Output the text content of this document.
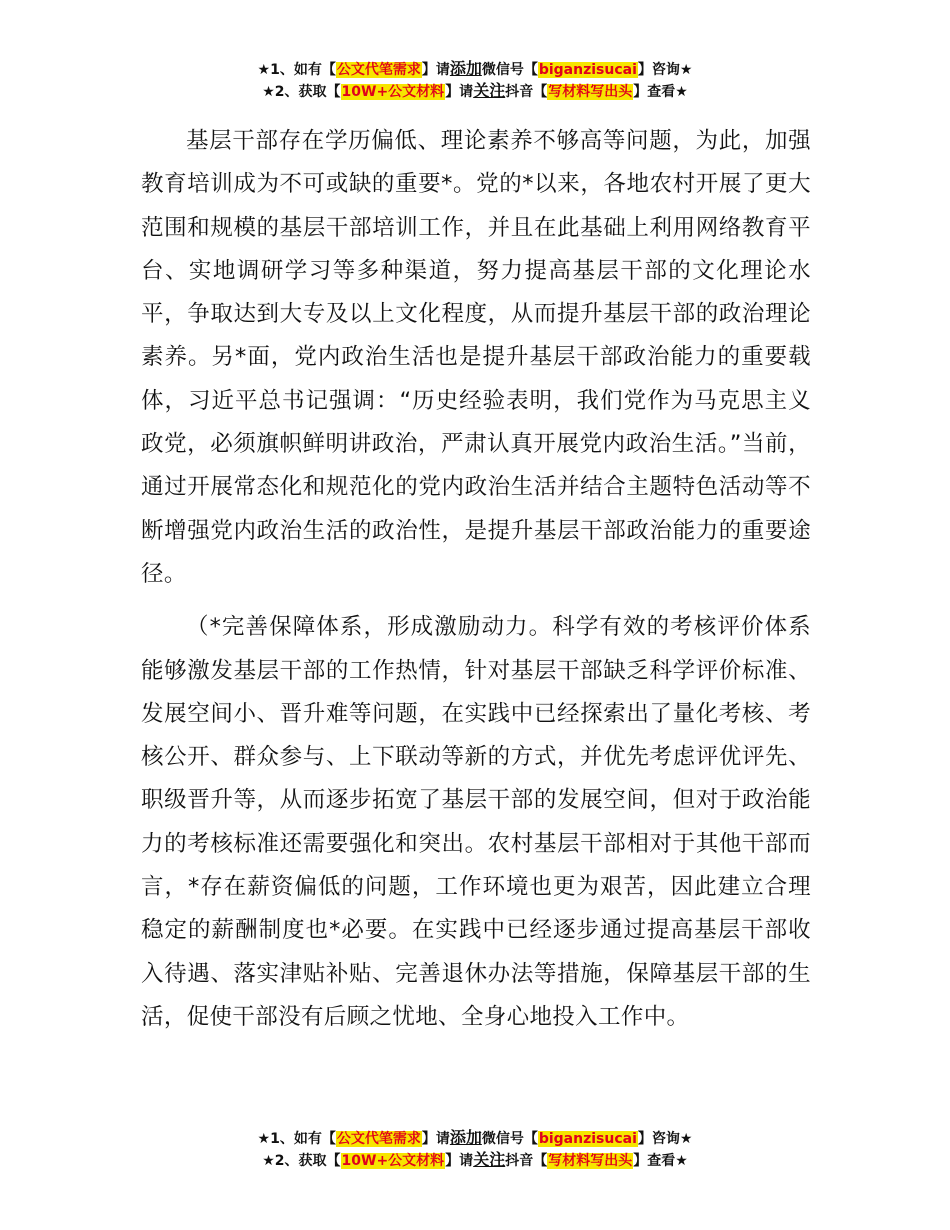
★1、如有【公文代笔需求】请添加微信号【biganzisucai】咨询★
★2、获取【10W+公文材料】请关注抖音【写材料写出头】查看★

基层干部存在学历偏低、理论素养不够高等问题，为此，加强教育培训成为不可或缺的重要*。党的*以来，各地农村开展了更大范围和规模的基层干部培训工作，并且在此基础上利用网络教育平台、实地调研学习等多种渠道，努力提高基层干部的文化理论水平，争取达到大专及以上文化程度，从而提升基层干部的政治理论素养。另*面，党内政治生活也是提升基层干部政治能力的重要载体，习近平总书记强调：“历史经验表明，我们党作为马克思主义政党，必须旗帜鲜明讲政治，严肃认真开展党内政治生活。”当前，通过开展常态化和规范化的党内政治生活并结合主题特色活动等不断增强党内政治生活的政治性，是提升基层干部政治能力的重要途径。

（*完善保障体系，形成激励动力。科学有效的考核评价体系能够激发基层干部的工作热情，针对基层干部缺乏科学评价标准、发展空间小、晋升难等问题，在实践中已经探索出了量化考核、考核公开、群众参与、上下联动等新的方式，并优先考虑评优评先、职级晋升等，从而逐步拓宽了基层干部的发展空间，但对于政治能力的考核标准还需要强化和突出。农村基层干部相对于其他干部而言，*存在薪资偏低的问题，工作环境也更为艰苦，因此建立合理稳定的薪酬制度也*必要。在实践中已经逐步通过提高基层干部收入待遇、落实津贴补贴、完善退休办法等措施，保障基层干部的生活，促使干部没有后顾之忧地、全身心地投入工作中。

★1、如有【公文代笔需求】请添加微信号【biganzisucai】咨询★
★2、获取【10W+公文材料】请关注抖音【写材料写出头】查看★
